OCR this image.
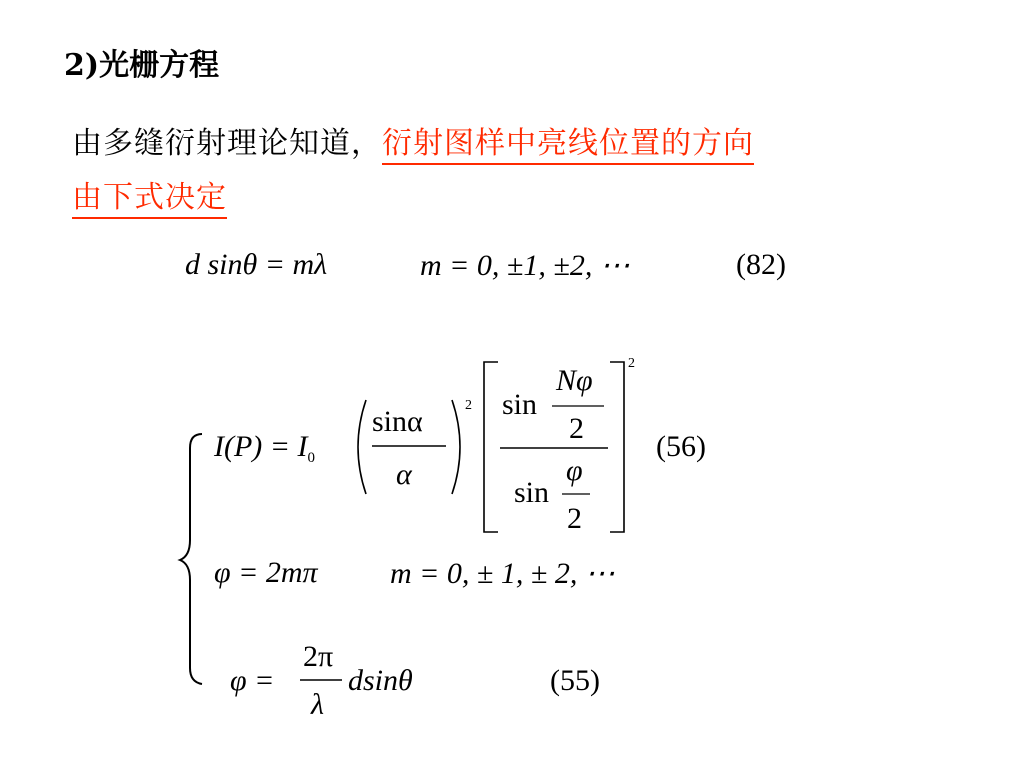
2)光栅方程
由多缝衍射理论知道，衍射图样中亮线位置的方向
由下式决定
d sinθ = mλ	m = 0, ±1, ±2, ⋯	(82)
$I(P) = I_0$
sinα
α
2 sin
Nφ
2
sin
φ
2
2
(56)
φ = 2mπ m = 0, ± 1, ± 2, ⋯
φ =
2π
λ
dsinθ	(55)
